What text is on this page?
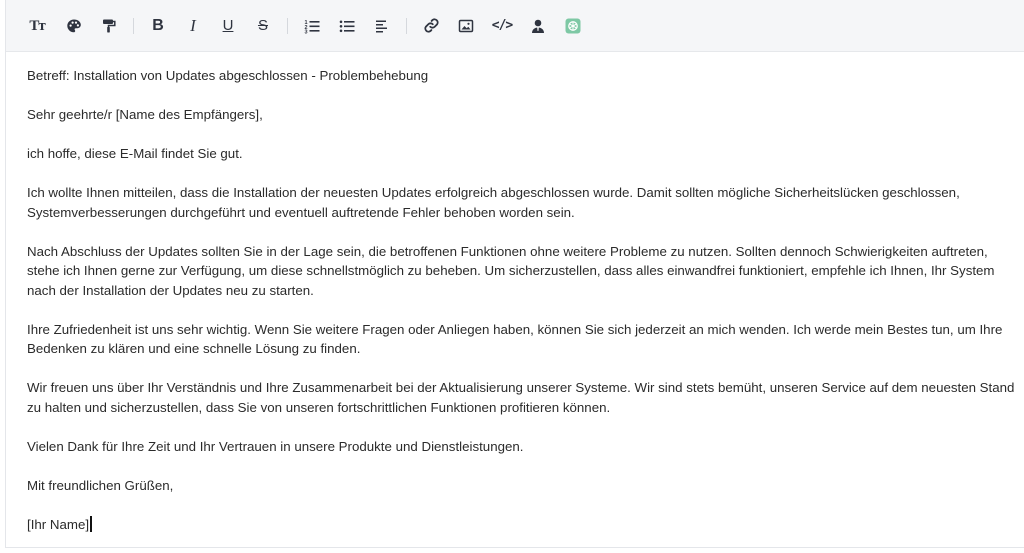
Tт	B I U S	1
2
3	</>

Betreff: Installation von Updates abgeschlossen - Problembehebung

Sehr geehrte/r [Name des Empfängers],

ich hoffe, diese E-Mail findet Sie gut.

Ich wollte Ihnen mitteilen, dass die Installation der neuesten Updates erfolgreich abgeschlossen wurde. Damit sollten mögliche Sicherheitslücken geschlossen, Systemverbesserungen durchgeführt und eventuell auftretende Fehler behoben worden sein.

Nach Abschluss der Updates sollten Sie in der Lage sein, die betroffenen Funktionen ohne weitere Probleme zu nutzen. Sollten dennoch Schwierigkeiten auftreten, stehe ich Ihnen gerne zur Verfügung, um diese schnellstmöglich zu beheben. Um sicherzustellen, dass alles einwandfrei funktioniert, empfehle ich Ihnen, Ihr System nach der Installation der Updates neu zu starten.

Ihre Zufriedenheit ist uns sehr wichtig. Wenn Sie weitere Fragen oder Anliegen haben, können Sie sich jederzeit an mich wenden. Ich werde mein Bestes tun, um Ihre Bedenken zu klären und eine schnelle Lösung zu finden.

Wir freuen uns über Ihr Verständnis und Ihre Zusammenarbeit bei der Aktualisierung unserer Systeme. Wir sind stets bemüht, unseren Service auf dem neuesten Stand zu halten und sicherzustellen, dass Sie von unseren fortschrittlichen Funktionen profitieren können.

Vielen Dank für Ihre Zeit und Ihr Vertrauen in unsere Produkte und Dienstleistungen.

Mit freundlichen Grüßen,

[Ihr Name]
